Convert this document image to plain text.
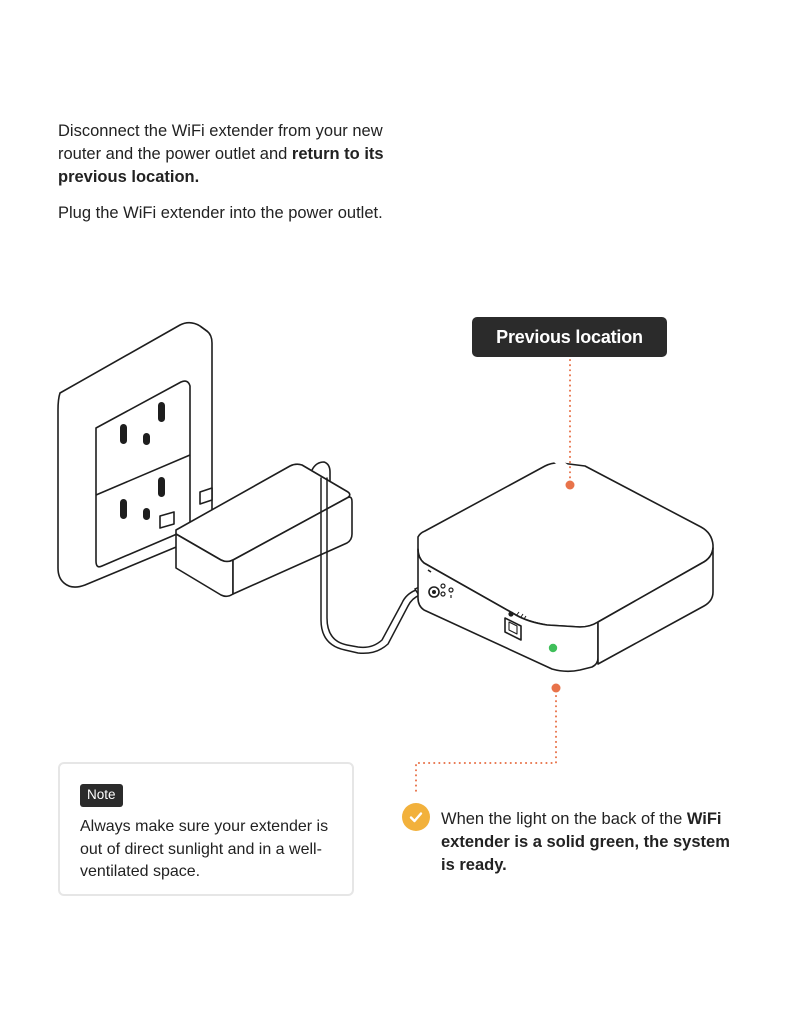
Disconnect the WiFi extender from your new router and the power outlet and return to its previous location.

Plug the WiFi extender into the power outlet.

Previous location
Note
Always make sure your extender is out of direct sunlight and in a well-ventilated space.
When the light on the back of the WiFi extender is a solid green, the system is ready.
